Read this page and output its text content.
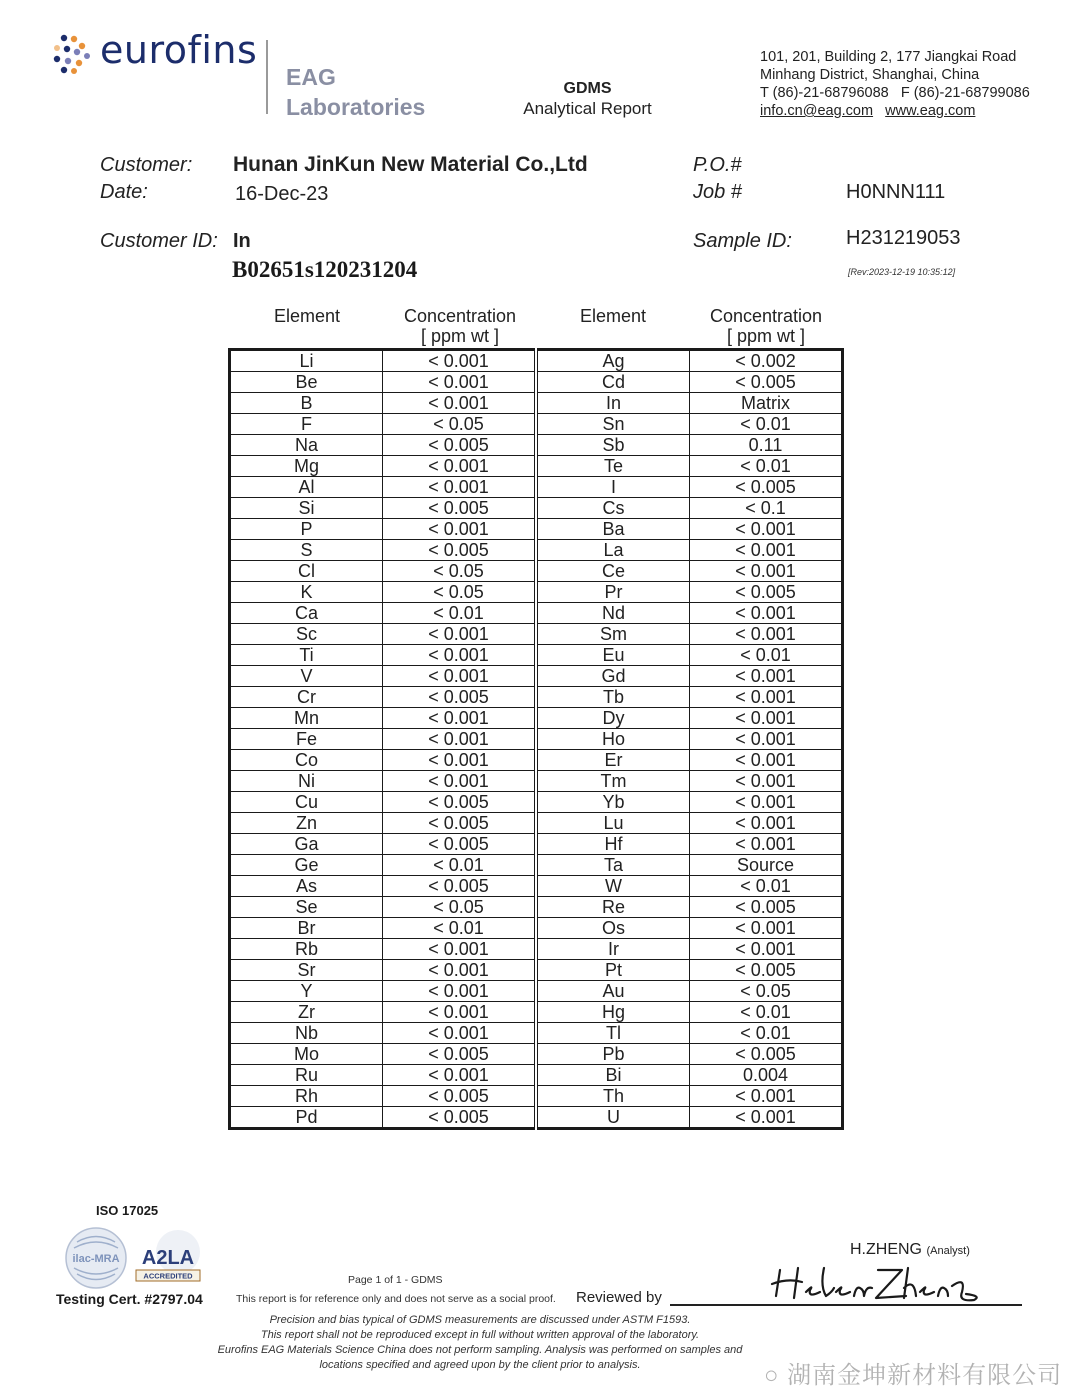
eurofins
EAG
Laboratories
GDMS
Analytical Report
101, 201, Building 2, 177 Jiangkai Road
Minhang District, Shanghai, China
T (86)-21-68796088 F (86)-21-68799086
info.cn@eag.com www.eag.com
Customer: Hunan JinKun New Material Co.,Ltd
Date:	16-Dec-23
P.O.#
Job #	H0NNN111
Customer ID: In
B02651s120231204
Sample ID:	H231219053
[Rev:2023-12-19 10:35:12]
Element	Concentration
[ ppm wt ]
Element	Concentration
[ ppm wt ]
Li	< 0.001	Ag	< 0.002
Be	< 0.001	Cd	< 0.005
B	< 0.001	In	Matrix
F	< 0.05	Sn	< 0.01
Na	< 0.005	Sb	0.11
Mg	< 0.001	Te	< 0.01
Al	< 0.001	I	< 0.005
Si	< 0.005	Cs	< 0.1
P	< 0.001	Ba	< 0.001
S	< 0.005	La	< 0.001
Cl	< 0.05	Ce	< 0.001
K	< 0.05	Pr	< 0.005
Ca	< 0.01	Nd	< 0.001
Sc	< 0.001	Sm	< 0.001
Ti	< 0.001	Eu	< 0.01
V	< 0.001	Gd	< 0.001
Cr	< 0.005	Tb	< 0.001
Mn	< 0.001	Dy	< 0.001
Fe	< 0.001	Ho	< 0.001
Co	< 0.001	Er	< 0.001
Ni	< 0.001	Tm	< 0.001
Cu	< 0.005	Yb	< 0.001
Zn	< 0.005	Lu	< 0.001
Ga	< 0.005	Hf	< 0.001
Ge	< 0.01	Ta	Source
As	< 0.005	W	< 0.01
Se	< 0.05	Re	< 0.005
Br	< 0.01	Os	< 0.001
Rb	< 0.001	Ir	< 0.001
Sr	< 0.001	Pt	< 0.005
Y	< 0.001	Au	< 0.05
Zr	< 0.001	Hg	< 0.01
Nb	< 0.001	Tl	< 0.01
Mo	< 0.005	Pb	< 0.005
Ru	< 0.001	Bi	0.004
Rh	< 0.005	Th	< 0.001
Pd	< 0.005	U	< 0.001
ISO 17025
ilac-MRA A2LA
ACCREDITED
Testing Cert. #2797.04
Page 1 of 1 - GDMS
This report is for reference only and does not serve as a social proof. Reviewed by
H.ZHENG (Analyst)
Precision and bias typical of GDMS measurements are discussed under ASTM F1593.
This report shall not be reproduced except in full without written approval of the laboratory.
Eurofins EAG Materials Science China does not perform sampling. Analysis was performed on samples and
locations specified and agreed upon by the client prior to analysis.	○ 湖南金坤新材料有限公司
